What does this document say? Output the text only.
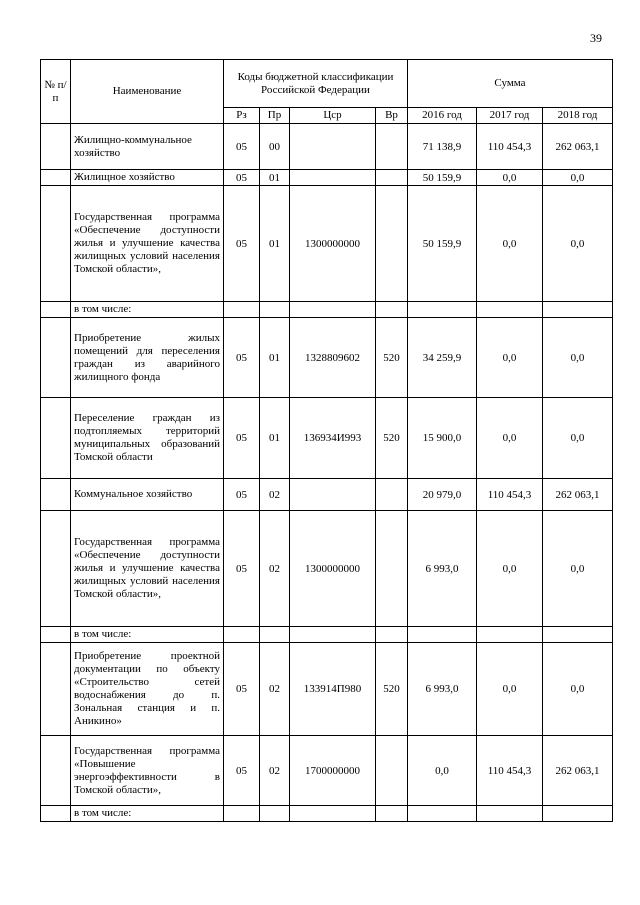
39
№ п/п	Наименование	Коды бюджетной классификации Российской Федерации				Сумма		
		Рз	Пр	Цср	Вр	2016 год	2017 год	2018 год
	Жилищно-коммунальное хозяйство	05	00			71 138,9	110 454,3	262 063,1
	Жилищное хозяйство	05	01			50 159,9	0,0	0,0
	Государственная программа «Обеспечение доступности жилья и улучшение качества жилищных условий населения Томской области»,	05	01	1300000000		50 159,9	0,0	0,0
	в том числе:							
	Приобретение жилых помещений для переселения граждан из аварийного жилищного фонда	05	01	1328809602	520	34 259,9	0,0	0,0
	Переселение граждан из подтопляемых территорий муниципальных образований Томской области	05	01	136934И993	520	15 900,0	0,0	0,0
	Коммунальное хозяйство	05	02			20 979,0	110 454,3	262 063,1
	Государственная программа «Обеспечение доступности жилья и улучшение качества жилищных условий населения Томской области»,	05	02	1300000000		6 993,0	0,0	0,0
	в том числе:							
	Приобретение проектной документации по объекту «Строительство сетей водоснабжения до п. Зональная станция и п. Аникино»	05	02	133914П980	520	6 993,0	0,0	0,0
	Государственная программа «Повышение энергоэффективности в Томской области»,	05	02	1700000000		0,0	110 454,3	262 063,1
	в том числе:							
